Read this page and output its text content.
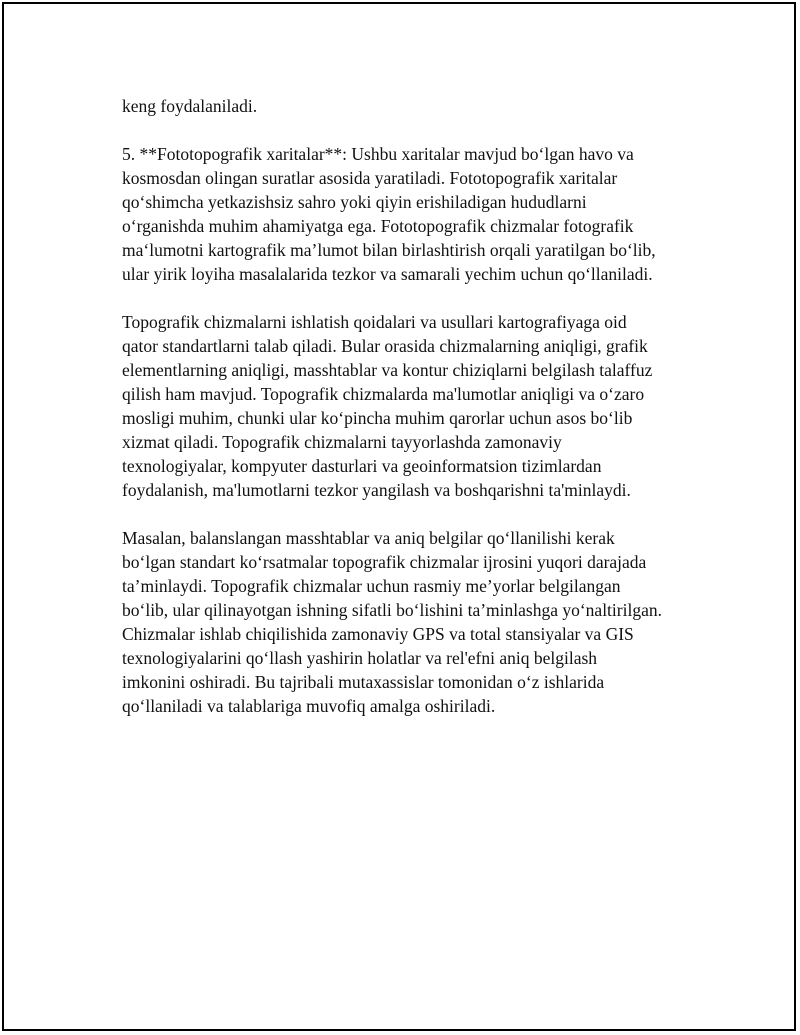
keng foydalaniladi.
5. **Fototopografik xaritalar**: Ushbu xaritalar mavjud bo‘lgan havo va
kosmosdan olingan suratlar asosida yaratiladi. Fototopografik xaritalar
qo‘shimcha yetkazishsiz sahro yoki qiyin erishiladigan hududlarni
o‘rganishda muhim ahamiyatga ega. Fototopografik chizmalar fotografik
ma‘lumotni kartografik ma’lumot bilan birlashtirish orqali yaratilgan bo‘lib,
ular yirik loyiha masalalarida tezkor va samarali yechim uchun qo‘llaniladi.
Topografik chizmalarni ishlatish qoidalari va usullari kartografiyaga oid
qator standartlarni talab qiladi. Bular orasida chizmalarning aniqligi, grafik
elementlarning aniqligi, masshtablar va kontur chiziqlarni belgilash talaffuz
qilish ham mavjud. Topografik chizmalarda ma'lumotlar aniqligi va o‘zaro
mosligi muhim, chunki ular ko‘pincha muhim qarorlar uchun asos bo‘lib
xizmat qiladi. Topografik chizmalarni tayyorlashda zamonaviy
texnologiyalar, kompyuter dasturlari va geoinformatsion tizimlardan
foydalanish, ma'lumotlarni tezkor yangilash va boshqarishni ta'minlaydi.
Masalan, balanslangan masshtablar va aniq belgilar qo‘llanilishi kerak
bo‘lgan standart ko‘rsatmalar topografik chizmalar ijrosini yuqori darajada
ta’minlaydi. Topografik chizmalar uchun rasmiy me’yorlar belgilangan
bo‘lib, ular qilinayotgan ishning sifatli bo‘lishini ta’minlashga yo‘naltirilgan.
Chizmalar ishlab chiqilishida zamonaviy GPS va total stansiyalar va GIS
texnologiyalarini qo‘llash yashirin holatlar va rel'efni aniq belgilash
imkonini oshiradi. Bu tajribali mutaxassislar tomonidan o‘z ishlarida
qo‘llaniladi va talablariga muvofiq amalga oshiriladi.
